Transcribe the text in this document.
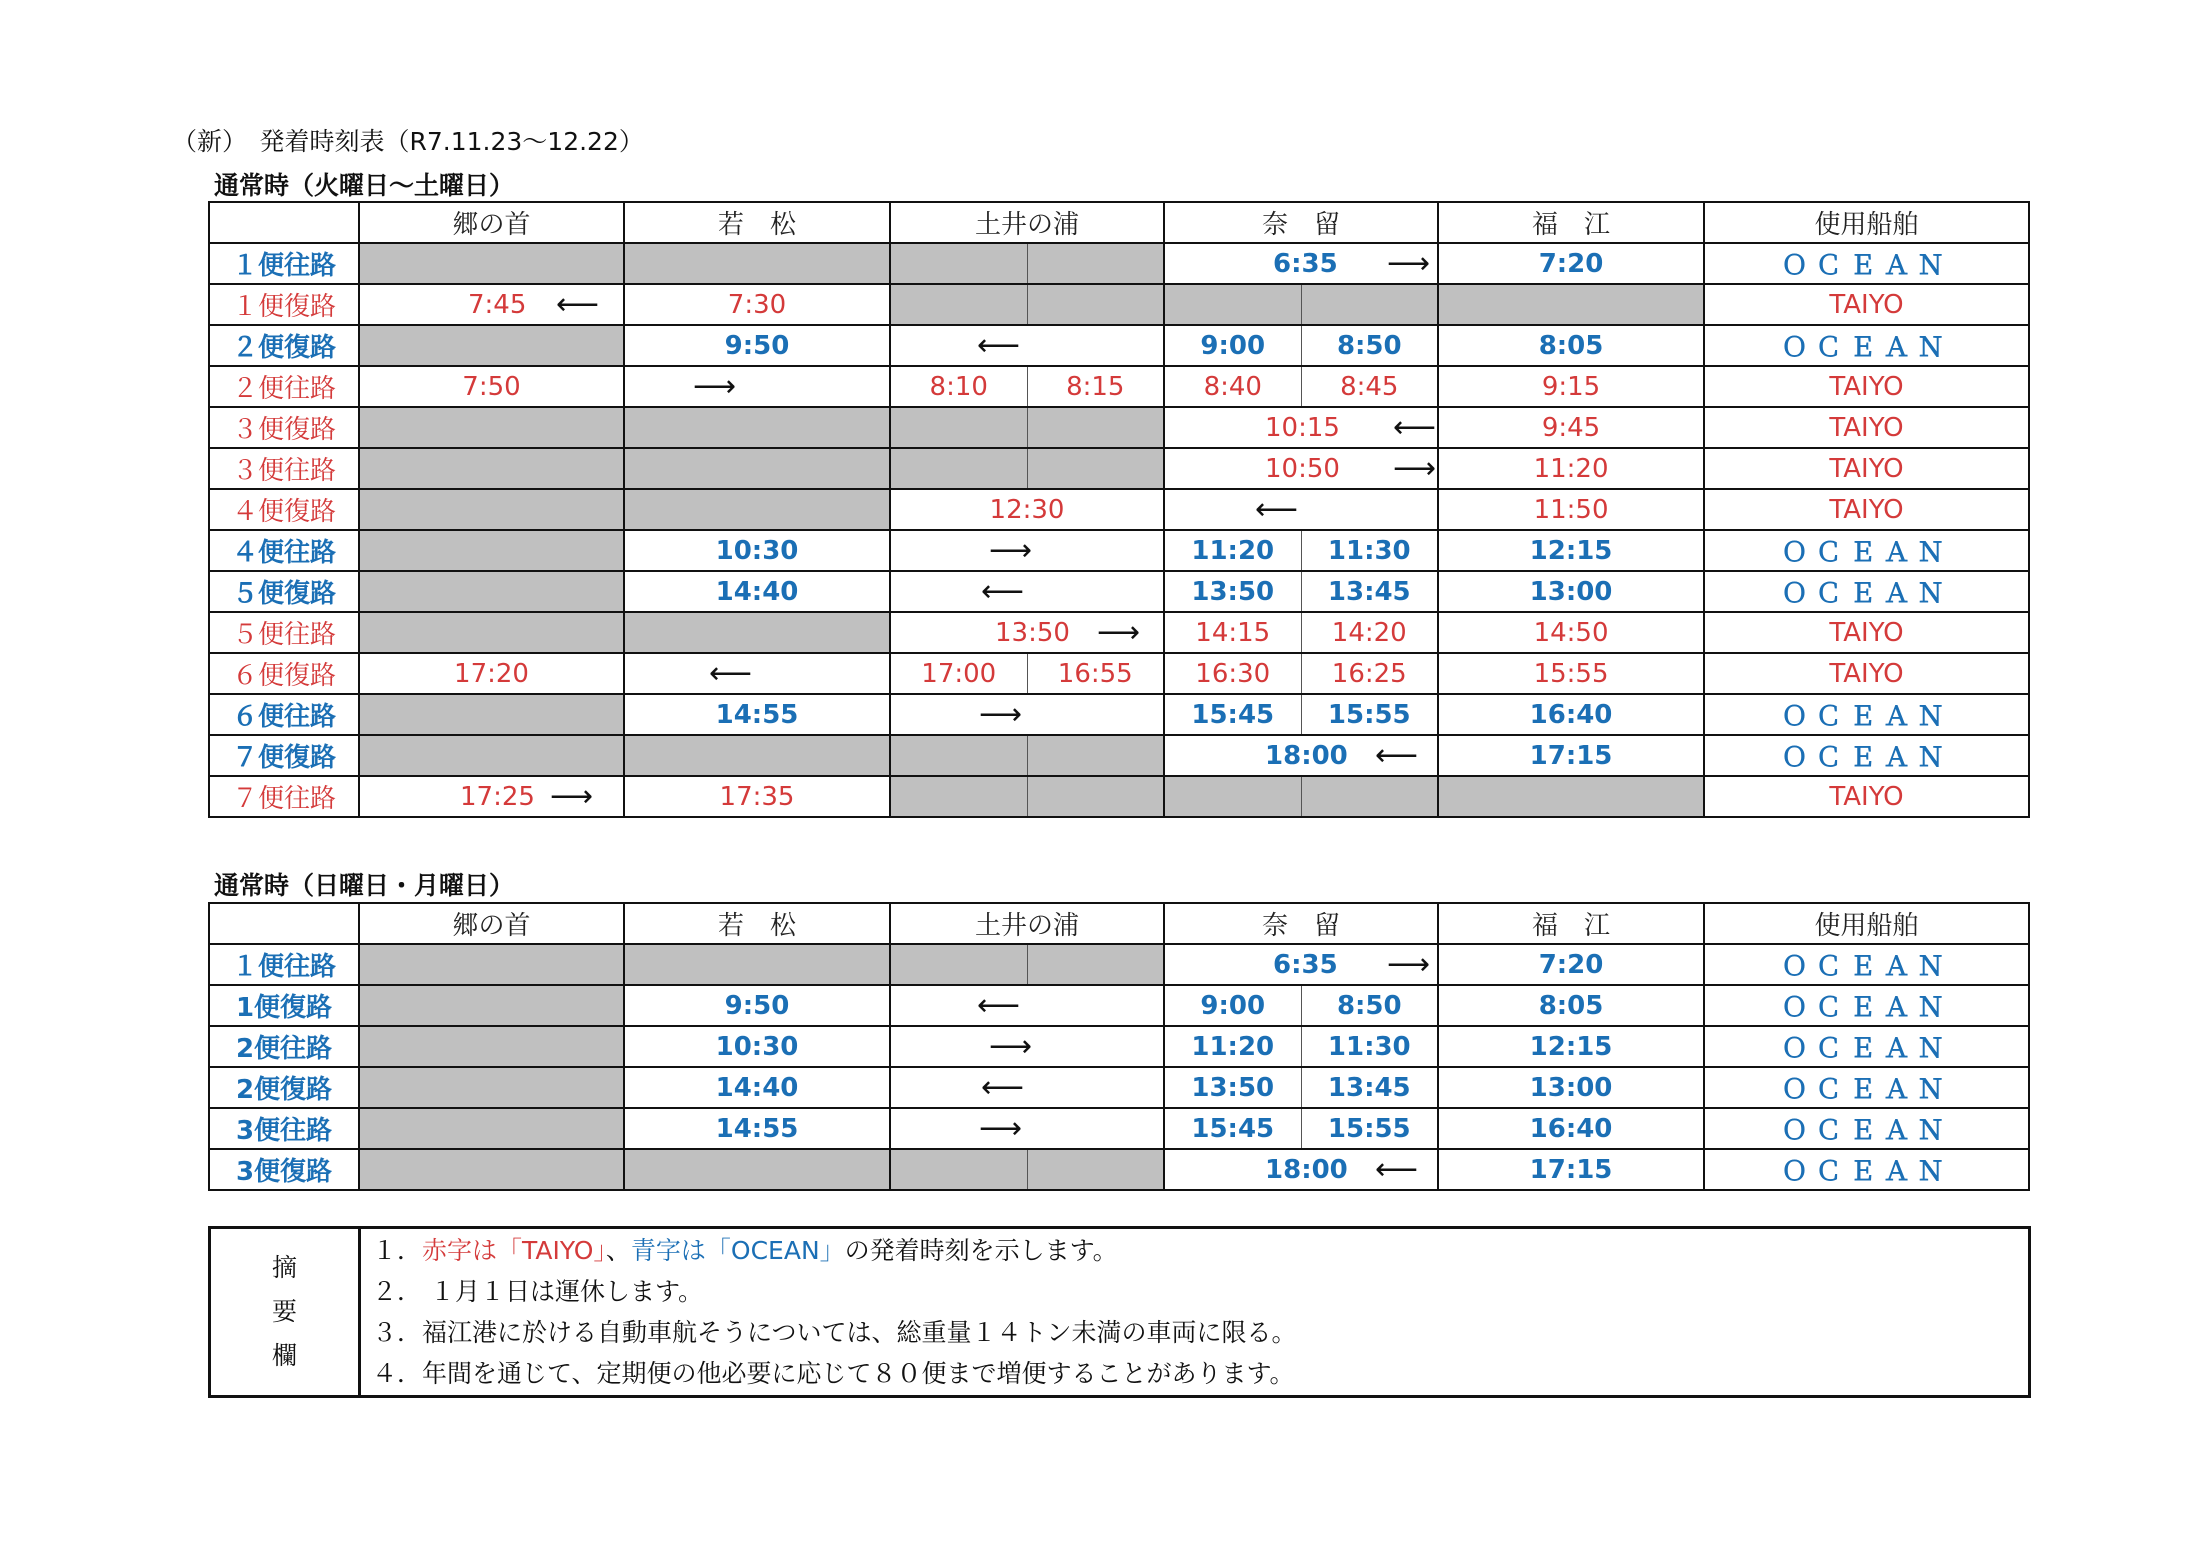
（新）　発着時刻表（R7.11.23～12.22）
通常時（火曜日～土曜日）
	郷の首	若　松	土井の浦		奈　留		福　江	使用船舶
１便往路					6:35 ⟶		7:20	ＯＣＥＡＮ
１便復路	7:45 ⟵	7:30						TAIYO
２便復路		9:50	⟵		9:00	8:50	8:05	ＯＣＥＡＮ
２便往路	7:50	⟶	8:10	8:15	8:40	8:45	9:15	TAIYO
３便復路					10:15 ⟵		9:45	TAIYO
３便往路					10:50 ⟶		11:20	TAIYO
４便復路			12:30		⟵		11:50	TAIYO
４便往路		10:30	⟶		11:20	11:30	12:15	ＯＣＥＡＮ
５便復路		14:40	⟵		13:50	13:45	13:00	ＯＣＥＡＮ
５便往路			13:50 ⟶		14:15	14:20	14:50	TAIYO
６便復路	17:20	⟵	17:00	16:55	16:30	16:25	15:55	TAIYO
６便往路		14:55	⟶		15:45	15:55	16:40	ＯＣＥＡＮ
７便復路					18:00 ⟵		17:15	ＯＣＥＡＮ
７便往路	17:25 ⟶	17:35						TAIYO
通常時（日曜日・月曜日）
	郷の首	若　松	土井の浦		奈　留		福　江	使用船舶
１便往路					6:35 ⟶		7:20	ＯＣＥＡＮ
1便復路		9:50	⟵		9:00	8:50	8:05	ＯＣＥＡＮ
2便往路		10:30	⟶		11:20	11:30	12:15	ＯＣＥＡＮ
2便復路		14:40	⟵		13:50	13:45	13:00	ＯＣＥＡＮ
3便往路		14:55	⟶		15:45	15:55	16:40	ＯＣＥＡＮ
3便復路					18:00 ⟵		17:15	ＯＣＥＡＮ
摘
要
欄

１．赤字は「TAIYO」、青字は「OCEAN」の発着時刻を示します。
２． １月１日は運休します。
３．福江港に於ける自動車航そうについては、総重量１４トン未満の車両に限る。
４．年間を通じて、定期便の他必要に応じて８０便まで増便することがあります。
